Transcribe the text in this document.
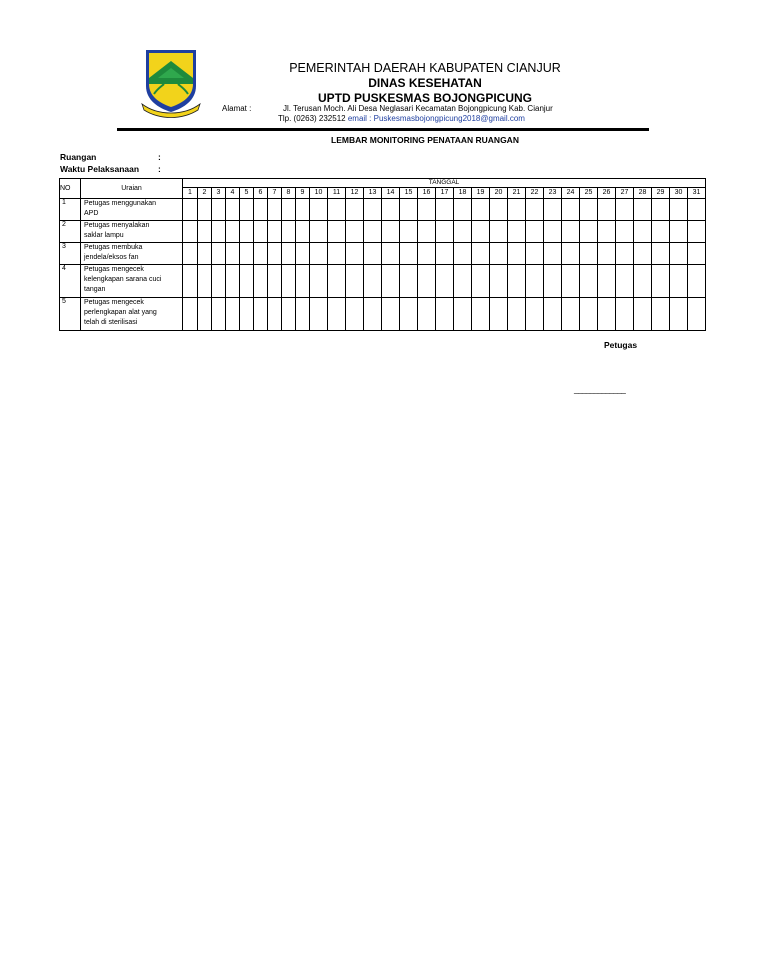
PEMERINTAH DAERAH KABUPATEN CIANJUR
DINAS KESEHATAN
UPTD PUSKESMAS BOJONGPICUNG
Alamat :	Jl. Terusan Moch. Ali Desa Neglasari Kecamatan Bojongpicung Kab. Cianjur
Tlp. (0263) 232512 email : Puskesmasbojongpicung2018@gmail.com
LEMBAR MONITORING PENATAAN RUANGAN
Ruangan	:
Waktu Pelaksanaan :
NO	Uraian	TANGGAL																														
		1	2	3	4	5	6	7	8	9	10	11	12	13	14	15	16	17	18	19	20	21	22	23	24	25	26	27	28	29	30	31
1	Petugas menggunakan
APD																															

2	Petugas menyalakan
saklar lampu																															

3	Petugas membuka
jendela/eksos fan																															

4	Petugas mengecek
kelengkapan sarana cuci
tangan																															

5	Petugas mengecek
perlengkapan alat yang
telah di sterilisasi																															

Petugas
_____________
